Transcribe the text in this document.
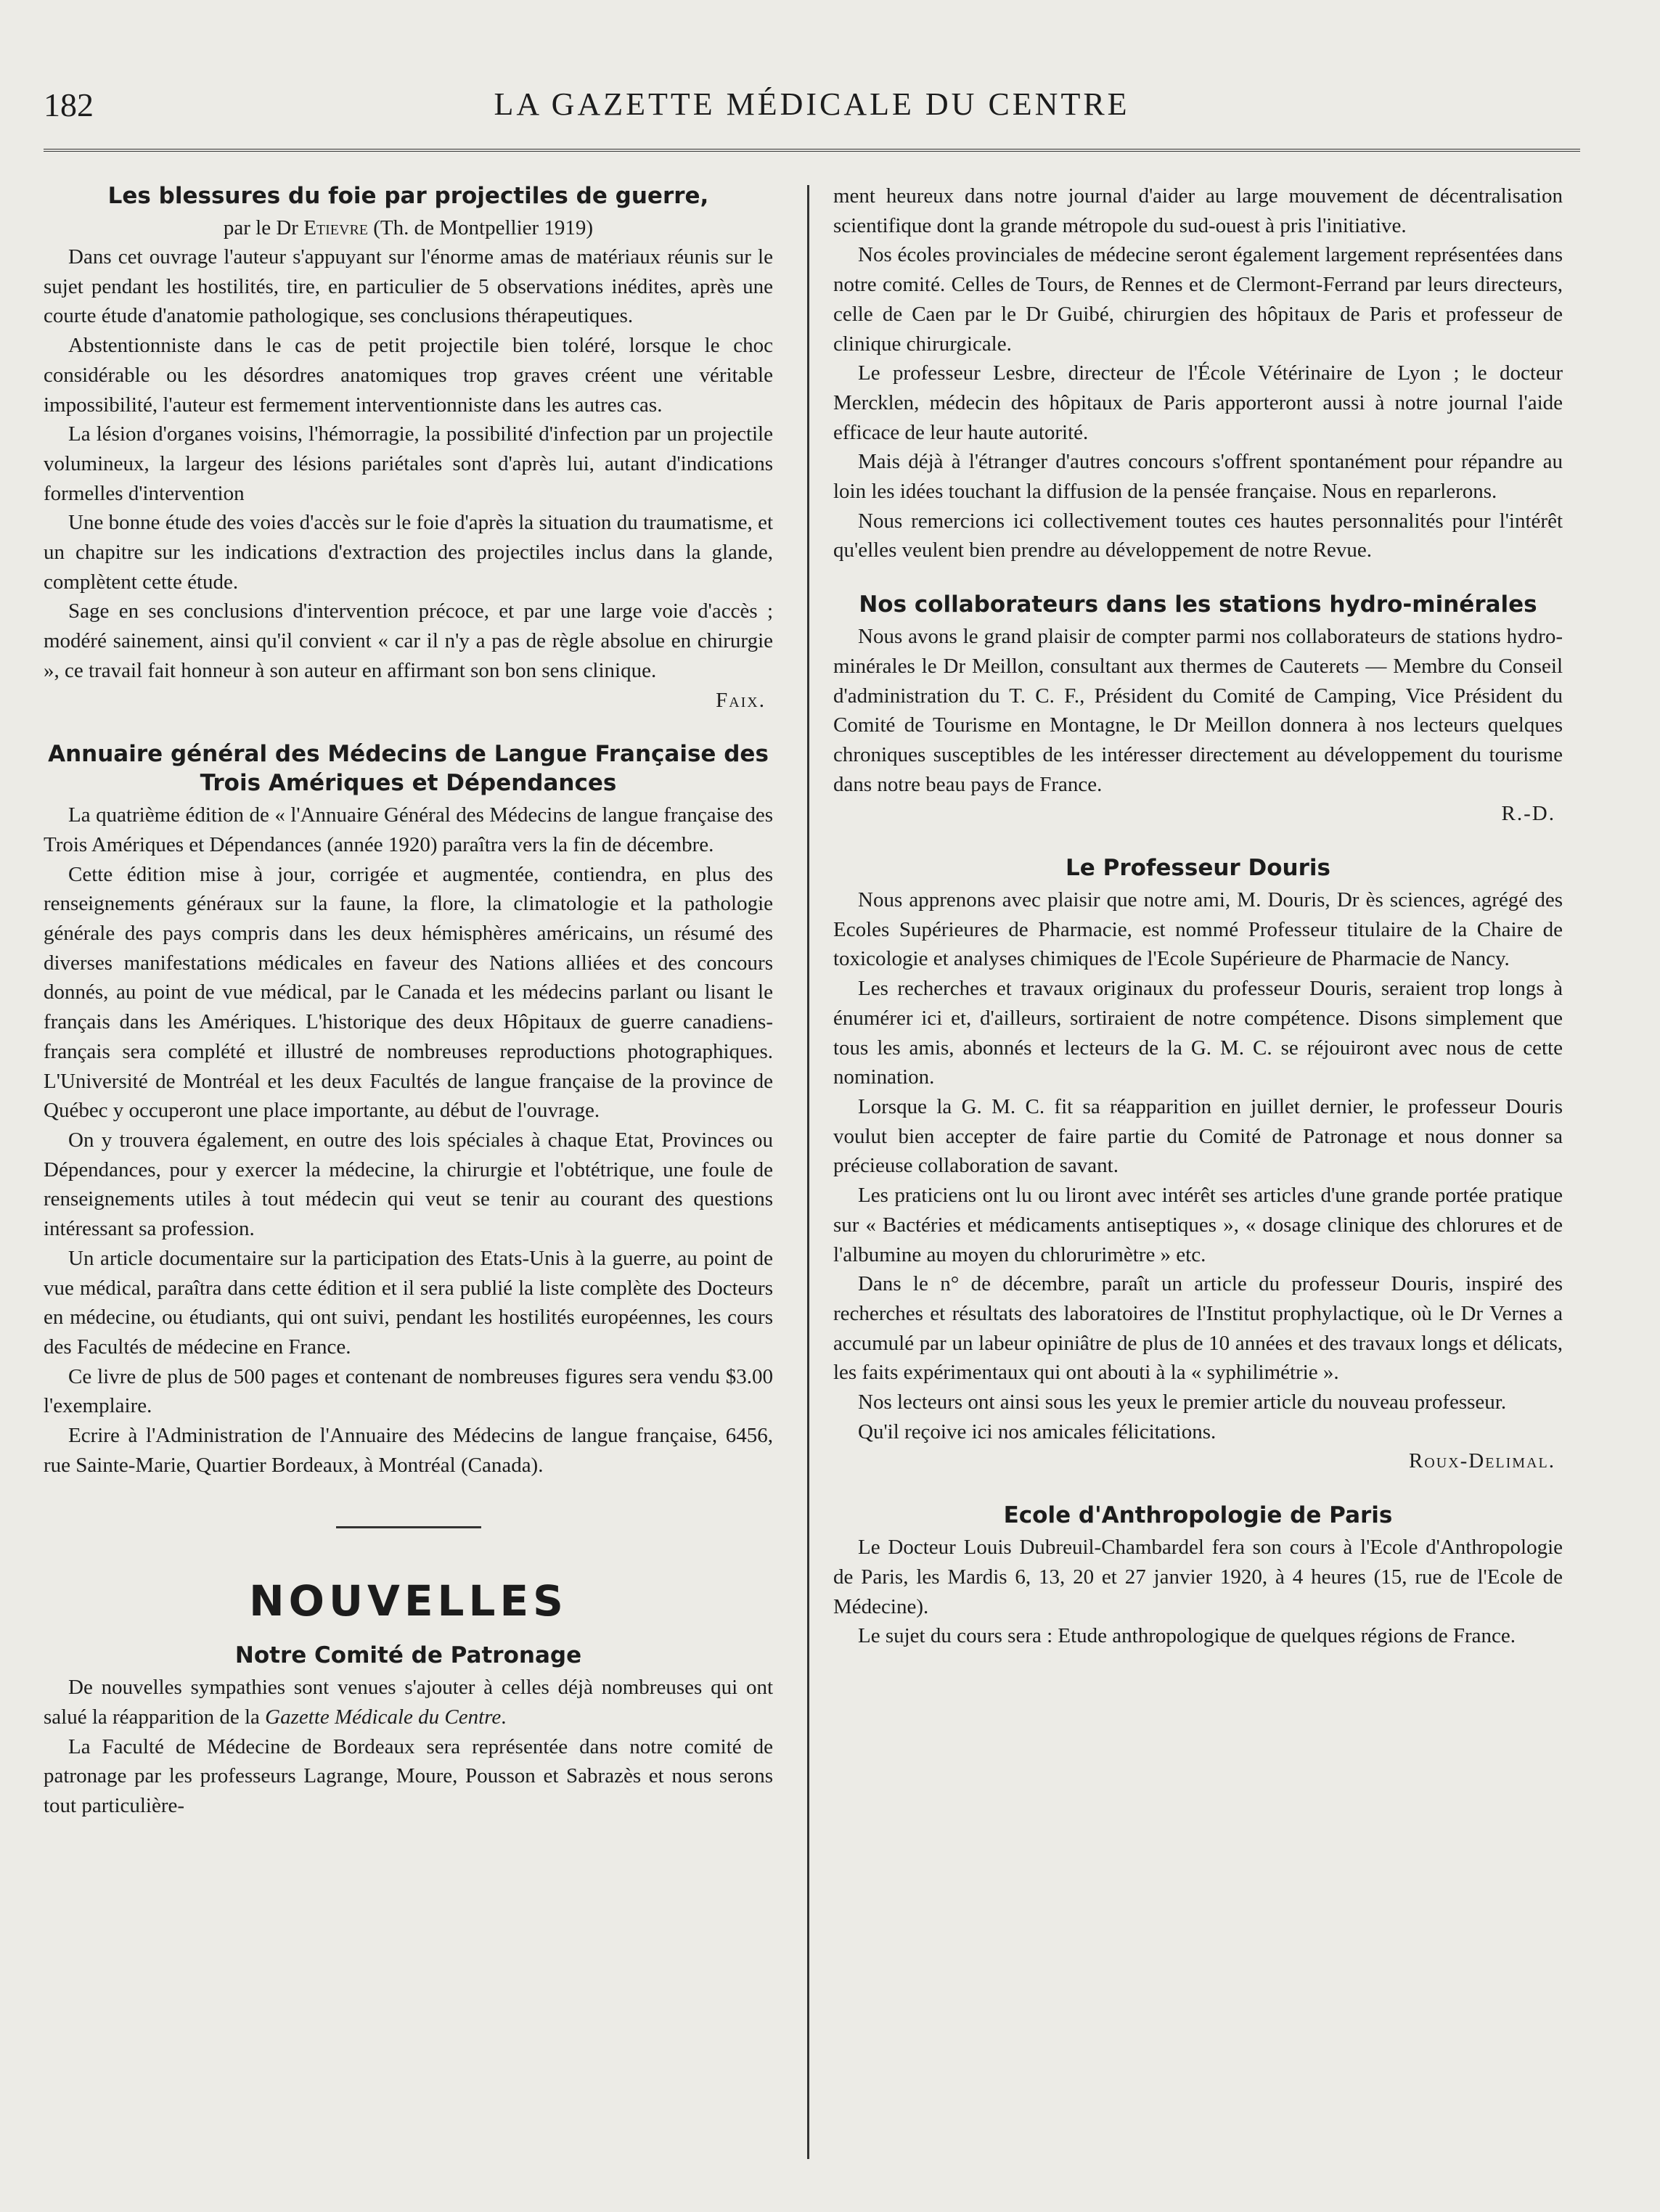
182	LA GAZETTE MÉDICALE DU CENTRE
Les blessures du foie par projectiles de guerre,
par le Dr Etievre (Th. de Montpellier 1919)

Dans cet ouvrage l'auteur s'appuyant sur l'énorme amas de matériaux réunis sur le sujet pendant les hostilités, tire, en particulier de 5 observations inédites, après une courte étude d'anatomie pathologique, ses conclusions thérapeutiques.

Abstentionniste dans le cas de petit projectile bien toléré, lorsque le choc considérable ou les désordres anatomiques trop graves créent une véritable impossibilité, l'auteur est fermement interventionniste dans les autres cas.

La lésion d'organes voisins, l'hémorragie, la possibilité d'infection par un projectile volumineux, la largeur des lésions pariétales sont d'après lui, autant d'indications formelles d'intervention

Une bonne étude des voies d'accès sur le foie d'après la situation du traumatisme, et un chapitre sur les indications d'extraction des projectiles inclus dans la glande, complètent cette étude.

Sage en ses conclusions d'intervention précoce, et par une large voie d'accès ; modéré sainement, ainsi qu'il convient « car il n'y a pas de règle absolue en chirurgie », ce travail fait honneur à son auteur en affirmant son bon sens clinique.

Faix.
Annuaire général des Médecins de Langue Française des Trois Amériques et Dépendances

La quatrième édition de « l'Annuaire Général des Médecins de langue française des Trois Amériques et Dépendances (année 1920) paraîtra vers la fin de décembre.

Cette édition mise à jour, corrigée et augmentée, contiendra, en plus des renseignements généraux sur la faune, la flore, la climatologie et la pathologie générale des pays compris dans les deux hémisphères américains, un résumé des diverses manifestations médicales en faveur des Nations alliées et des concours donnés, au point de vue médical, par le Canada et les médecins parlant ou lisant le français dans les Amériques. L'historique des deux Hôpitaux de guerre canadiens-français sera complété et illustré de nombreuses reproductions photographiques. L'Université de Montréal et les deux Facultés de langue française de la province de Québec y occuperont une place importante, au début de l'ouvrage.

On y trouvera également, en outre des lois spéciales à chaque Etat, Provinces ou Dépendances, pour y exercer la médecine, la chirurgie et l'obtétrique, une foule de renseignements utiles à tout médecin qui veut se tenir au courant des questions intéressant sa profession.

Un article documentaire sur la participation des Etats-Unis à la guerre, au point de vue médical, paraîtra dans cette édition et il sera publié la liste complète des Docteurs en médecine, ou étudiants, qui ont suivi, pendant les hostilités européennes, les cours des Facultés de médecine en France.

Ce livre de plus de 500 pages et contenant de nombreuses figures sera vendu $3.00 l'exemplaire.

Ecrire à l'Administration de l'Annuaire des Médecins de langue française, 6456, rue Sainte-Marie, Quartier Bordeaux, à Montréal (Canada).

NOUVELLES
Notre Comité de Patronage

De nouvelles sympathies sont venues s'ajouter à celles déjà nombreuses qui ont salué la réapparition de la Gazette Médicale du Centre.

La Faculté de Médecine de Bordeaux sera représentée dans notre comité de patronage par les professeurs Lagrange, Moure, Pousson et Sabrazès et nous serons tout particulière-

ment heureux dans notre journal d'aider au large mouvement de décentralisation scientifique dont la grande métropole du sud-ouest à pris l'initiative.

Nos écoles provinciales de médecine seront également largement représentées dans notre comité. Celles de Tours, de Rennes et de Clermont-Ferrand par leurs directeurs, celle de Caen par le Dr Guibé, chirurgien des hôpitaux de Paris et professeur de clinique chirurgicale.

Le professeur Lesbre, directeur de l'École Vétérinaire de Lyon ; le docteur Mercklen, médecin des hôpitaux de Paris apporteront aussi à notre journal l'aide efficace de leur haute autorité.

Mais déjà à l'étranger d'autres concours s'offrent spontanément pour répandre au loin les idées touchant la diffusion de la pensée française. Nous en reparlerons.

Nous remercions ici collectivement toutes ces hautes personnalités pour l'intérêt qu'elles veulent bien prendre au développement de notre Revue.

Nos collaborateurs dans les stations hydro-minérales

Nous avons le grand plaisir de compter parmi nos collaborateurs de stations hydro-minérales le Dr Meillon, consultant aux thermes de Cauterets — Membre du Conseil d'administration du T. C. F., Président du Comité de Camping, Vice Président du Comité de Tourisme en Montagne, le Dr Meillon donnera à nos lecteurs quelques chroniques susceptibles de les intéresser directement au développement du tourisme dans notre beau pays de France.

R.-D.
Le Professeur Douris

Nous apprenons avec plaisir que notre ami, M. Douris, Dr ès sciences, agrégé des Ecoles Supérieures de Pharmacie, est nommé Professeur titulaire de la Chaire de toxicologie et analyses chimiques de l'Ecole Supérieure de Pharmacie de Nancy.

Les recherches et travaux originaux du professeur Douris, seraient trop longs à énumérer ici et, d'ailleurs, sortiraient de notre compétence. Disons simplement que tous les amis, abonnés et lecteurs de la G. M. C. se réjouiront avec nous de cette nomination.

Lorsque la G. M. C. fit sa réapparition en juillet dernier, le professeur Douris voulut bien accepter de faire partie du Comité de Patronage et nous donner sa précieuse collaboration de savant.

Les praticiens ont lu ou liront avec intérêt ses articles d'une grande portée pratique sur « Bactéries et médicaments antiseptiques », « dosage clinique des chlorures et de l'albumine au moyen du chlorurimètre » etc.

Dans le n° de décembre, paraît un article du professeur Douris, inspiré des recherches et résultats des laboratoires de l'Institut prophylactique, où le Dr Vernes a accumulé par un labeur opiniâtre de plus de 10 années et des travaux longs et délicats, les faits expérimentaux qui ont abouti à la « syphilimétrie ».

Nos lecteurs ont ainsi sous les yeux le premier article du nouveau professeur.

Qu'il reçoive ici nos amicales félicitations.

Roux-Delimal.
Ecole d'Anthropologie de Paris

Le Docteur Louis Dubreuil-Chambardel fera son cours à l'Ecole d'Anthropologie de Paris, les Mardis 6, 13, 20 et 27 janvier 1920, à 4 heures (15, rue de l'Ecole de Médecine).

Le sujet du cours sera : Etude anthropologique de quelques régions de France.
